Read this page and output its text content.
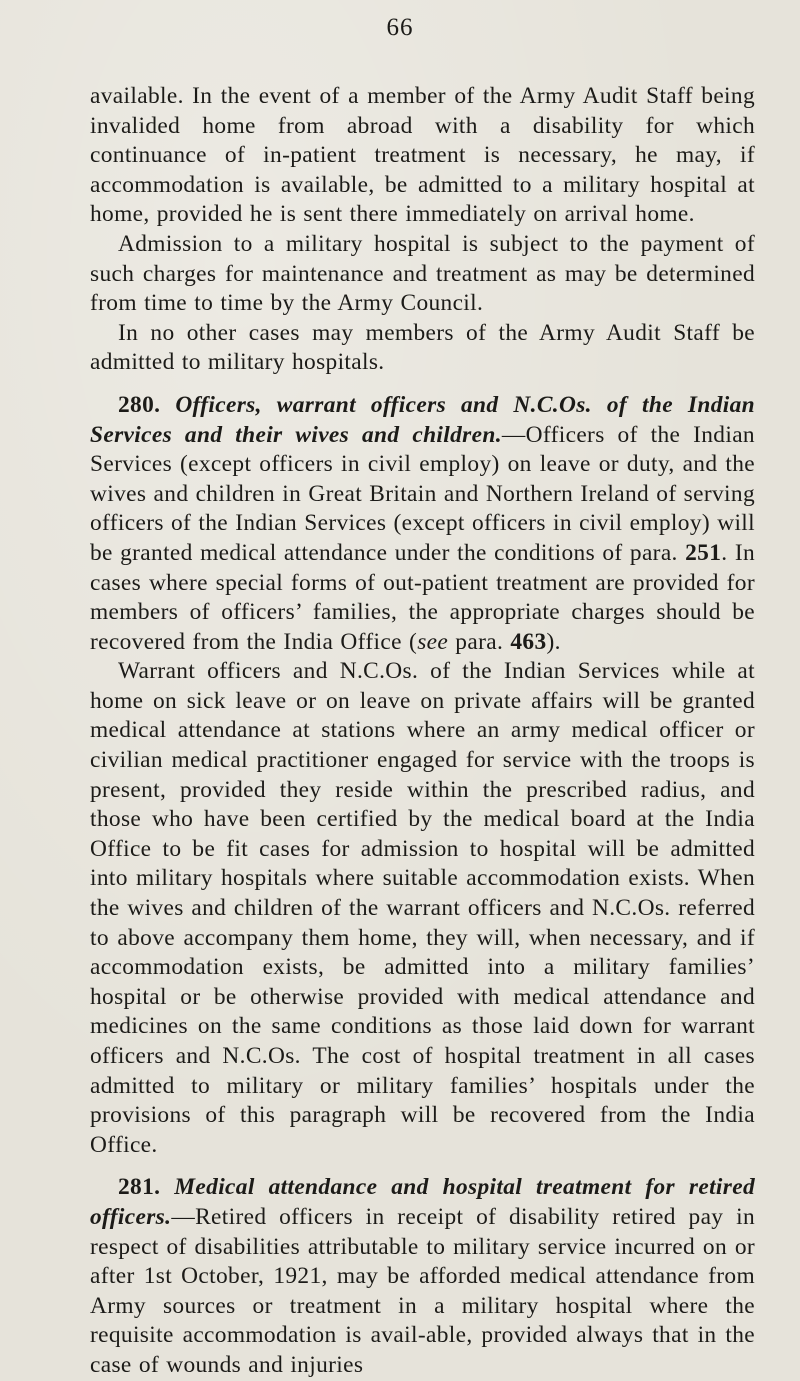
66

available. In the event of a member of the Army Audit Staff being invalided home from abroad with a disability for which continuance of in-patient treatment is necessary, he may, if accommodation is available, be admitted to a military hospital at home, provided he is sent there immediately on arrival home.

Admission to a military hospital is subject to the payment of such charges for maintenance and treatment as may be determined from time to time by the Army Council.

In no other cases may members of the Army Audit Staff be admitted to military hospitals.

280. Officers, warrant officers and N.C.Os. of the Indian Services and their wives and children.—Officers of the Indian Services (except officers in civil employ) on leave or duty, and the wives and children in Great Britain and Northern Ireland of serving officers of the Indian Services (except officers in civil employ) will be granted medical attendance under the conditions of para. 251. In cases where special forms of out-patient treatment are provided for members of officers’ families, the appropriate charges should be recovered from the India Office (see para. 463).

Warrant officers and N.C.Os. of the Indian Services while at home on sick leave or on leave on private affairs will be granted medical attendance at stations where an army medical officer or civilian medical practitioner engaged for service with the troops is present, provided they reside within the prescribed radius, and those who have been certified by the medical board at the India Office to be fit cases for admission to hospital will be admitted into military hospitals where suitable accommodation exists. When the wives and children of the warrant officers and N.C.Os. referred to above accompany them home, they will, when necessary, and if accommodation exists, be admitted into a military families’ hospital or be otherwise provided with medical attendance and medicines on the same conditions as those laid down for warrant officers and N.C.Os. The cost of hospital treatment in all cases admitted to military or military families’ hospitals under the provisions of this paragraph will be recovered from the India Office.

281. Medical attendance and hospital treatment for retired officers.—Retired officers in receipt of disability retired pay in respect of disabilities attributable to military service incurred on or after 1st October, 1921, may be afforded medical attendance from Army sources or treatment in a military hospital where the requisite accommodation is avail-able, provided always that in the case of wounds and injuries
